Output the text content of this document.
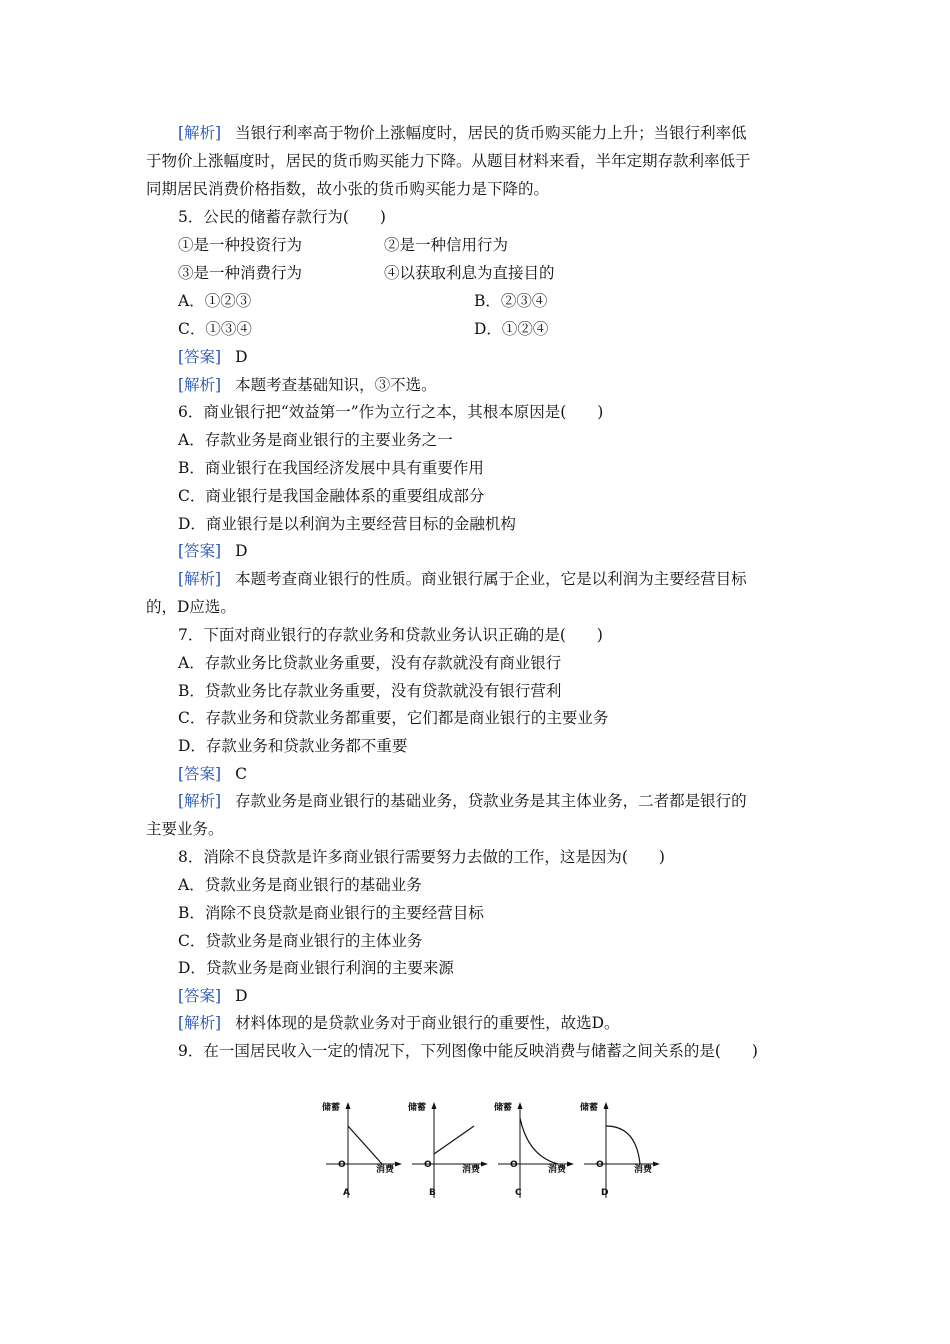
[解析] 当银行利率高于物价上涨幅度时，居民的货币购买能力上升；当银行利率低
于物价上涨幅度时，居民的货币购买能力下降。从题目材料来看，半年定期存款利率低于
同期居民消费价格指数，故小张的货币购买能力是下降的。
5．公民的储蓄存款行为(　　)
①是一种投资行为	②是一种信用行为
③是一种消费行为	④以获取利息为直接目的
A．①②③	B．②③④
C．①③④	D．①②④
[答案] D
[解析] 本题考查基础知识，③不选。
6．商业银行把“效益第一”作为立行之本，其根本原因是(　　)
A．存款业务是商业银行的主要业务之一
B．商业银行在我国经济发展中具有重要作用
C．商业银行是我国金融体系的重要组成部分
D．商业银行是以利润为主要经营目标的金融机构
[答案] D
[解析] 本题考查商业银行的性质。商业银行属于企业，它是以利润为主要经营目标
的，D应选。
7．下面对商业银行的存款业务和贷款业务认识正确的是(　　)
A．存款业务比贷款业务重要，没有存款就没有商业银行
B．贷款业务比存款业务重要，没有贷款就没有银行营利
C．存款业务和贷款业务都重要，它们都是商业银行的主要业务
D．存款业务和贷款业务都不重要
[答案] C
[解析] 存款业务是商业银行的基础业务，贷款业务是其主体业务，二者都是银行的
主要业务。
8．消除不良贷款是许多商业银行需要努力去做的工作，这是因为(　　)
A．贷款业务是商业银行的基础业务
B．消除不良贷款是商业银行的主要经营目标
C．贷款业务是商业银行的主体业务
D．贷款业务是商业银行利润的主要来源
[答案] D
[解析] 材料体现的是贷款业务对于商业银行的重要性，故选D。
9．在一国居民收入一定的情况下，下列图像中能反映消费与储蓄之间关系的是(　　)
储蓄
O	消费
A
储蓄
O	消费
B
储蓄
O	消费
C
储蓄
O	消费
D
